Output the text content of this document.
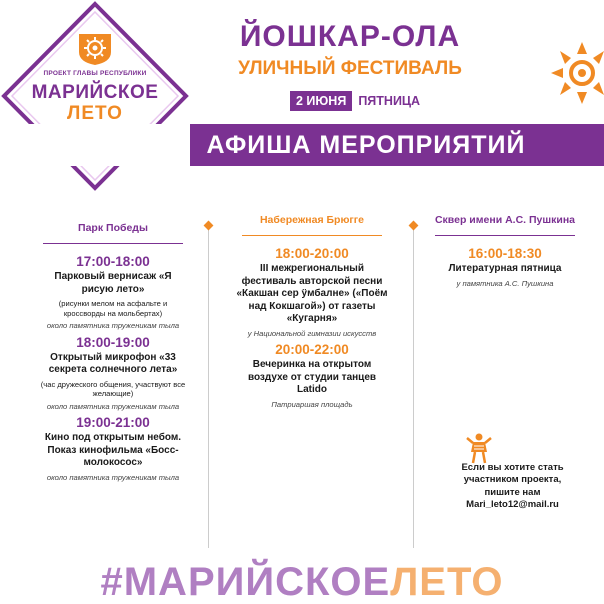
ПРОЕКТ ГЛАВЫ РЕСПУБЛИКИ
МАРИЙСКОЕ
ЛЕТО
ЙОШКАР-ОЛА
УЛИЧНЫЙ ФЕСТИВАЛЬ
2 ИЮНЯ ПЯТНИЦА
АФИША МЕРОПРИЯТИЙ
Парк Победы
17:00-18:00
Парковый вернисаж «Я рисую лето»
(рисунки мелом на асфальте и кроссворды на мольбертах)
около памятника труженикам тыла
18:00-19:00
Открытый микрофон «33 секрета солнечного лета»
(час дружеского общения, участвуют все желающие)
около памятника труженикам тыла
19:00-21:00
Кино под открытым небом. Показ кинофильма «Босс-молокосос»
около памятника труженикам тыла
Набережная Брюгге
18:00-20:00
III межрегиональный фестиваль авторской песни «Какшан сер ӱмбалне» («Поём над Кокшагой») от газеты «Кугарня»
у Национальной гимназии искусств
20:00-22:00
Вечеринка на открытом воздухе от студии танцев Latido
Патриаршая площадь
Сквер имени А.С. Пушкина
16:00-18:30
Литературная пятница
у памятника А.С. Пушкина
Если вы хотите стать
участником проекта,
пишите нам
Mari_leto12@mail.ru
#МАРИЙСКОЕЛЕТО
